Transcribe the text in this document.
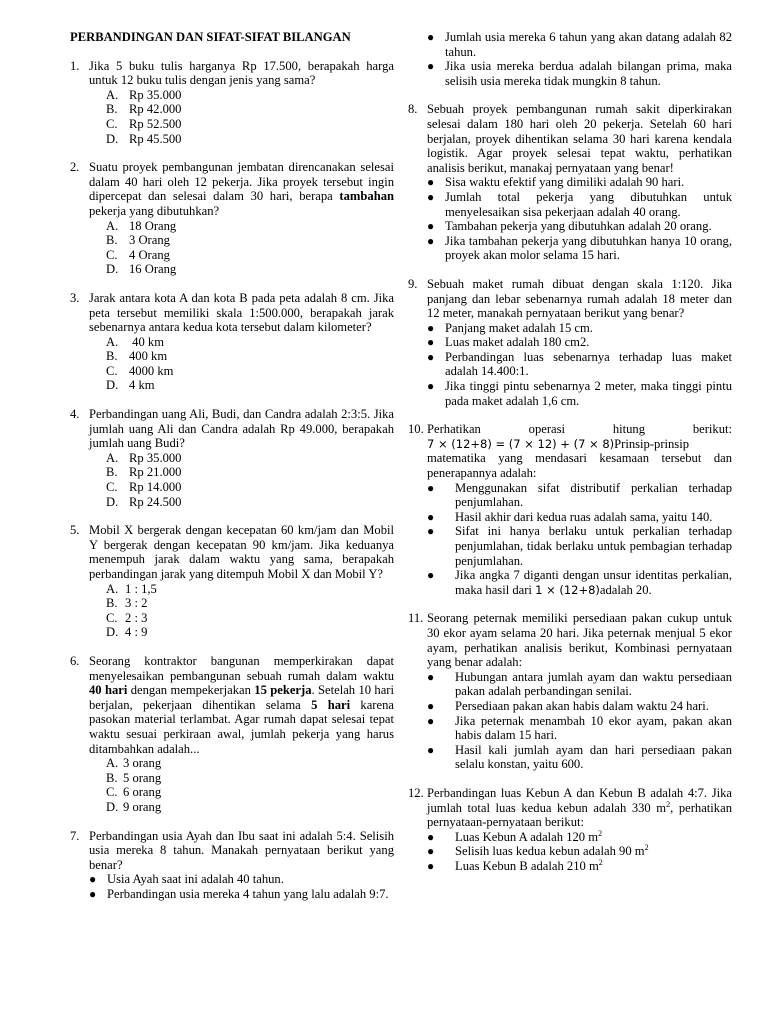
PERBANDINGAN DAN SIFAT-SIFAT BILANGAN
1. Jika 5 buku tulis harganya Rp 17.500, berapakah harga untuk 12 buku tulis dengan jenis yang sama?
A. Rp 35.000
B. Rp 42.000
C. Rp 52.500
D. Rp 45.500
2. Suatu proyek pembangunan jembatan direncanakan selesai dalam 40 hari oleh 12 pekerja. Jika proyek tersebut ingin dipercepat dan selesai dalam 30 hari, berapa tambahan pekerja yang dibutuhkan?
A. 18 Orang
B. 3 Orang
C. 4 Orang
D. 16 Orang
3. Jarak antara kota A dan kota B pada peta adalah 8 cm. Jika peta tersebut memiliki skala 1:500.000, berapakah jarak sebenarnya antara kedua kota tersebut dalam kilometer?
A. 40 km
B. 400 km
C. 4000 km
D. 4 km
4. Perbandingan uang Ali, Budi, dan Candra adalah 2:3:5. Jika jumlah uang Ali dan Candra adalah Rp 49.000, berapakah jumlah uang Budi?
A. Rp 35.000
B. Rp 21.000
C. Rp 14.000
D. Rp 24.500
5. Mobil X bergerak dengan kecepatan 60 km/jam dan Mobil Y bergerak dengan kecepatan 90 km/jam. Jika keduanya menempuh jarak dalam waktu yang sama, berapakah perbandingan jarak yang ditempuh Mobil X dan Mobil Y?
A. 1 : 1,5
B. 3 : 2
C. 2 : 3
D. 4 : 9
6. Seorang kontraktor bangunan memperkirakan dapat menyelesaikan pembangunan sebuah rumah dalam waktu 40 hari dengan mempekerjakan 15 pekerja. Setelah 10 hari berjalan, pekerjaan dihentikan selama 5 hari karena pasokan material terlambat. Agar rumah dapat selesai tepat waktu sesuai perkiraan awal, jumlah pekerja yang harus ditambahkan adalah...
A. 3 orang
B. 5 orang
C. 6 orang
D. 9 orang
7. Perbandingan usia Ayah dan Ibu saat ini adalah 5:4. Selisih usia mereka 8 tahun. Manakah pernyataan berikut yang benar?
● Usia Ayah saat ini adalah 40 tahun.
● Perbandingan usia mereka 4 tahun yang lalu adalah 9:7.
● Jumlah usia mereka 6 tahun yang akan datang adalah 82 tahun.
● Jika usia mereka berdua adalah bilangan prima, maka selisih usia mereka tidak mungkin 8 tahun.
8. Sebuah proyek pembangunan rumah sakit diperkirakan selesai dalam 180 hari oleh 20 pekerja. Setelah 60 hari berjalan, proyek dihentikan selama 30 hari karena kendala logistik. Agar proyek selesai tepat waktu, perhatikan analisis berikut, manakaj pernyataan yang benar!
● Sisa waktu efektif yang dimiliki adalah 90 hari.
● Jumlah total pekerja yang dibutuhkan untuk menyelesaikan sisa pekerjaan adalah 40 orang.
● Tambahan pekerja yang dibutuhkan adalah 20 orang.
● Jika tambahan pekerja yang dibutuhkan hanya 10 orang, proyek akan molor selama 15 hari.
9. Sebuah maket rumah dibuat dengan skala 1:120. Jika panjang dan lebar sebenarnya rumah adalah 18 meter dan 12 meter, manakah pernyataan berikut yang benar?
● Panjang maket adalah 15 cm.
● Luas maket adalah 180 cm2.
● Perbandingan luas sebenarnya terhadap luas maket adalah 14.400:1.
● Jika tinggi pintu sebenarnya 2 meter, maka tinggi pintu pada maket adalah 1,6 cm.
10. Perhatikan	operasi	hitung	berikut:
7 × (12+8) = (7 × 12) + (7 × 8)Prinsip-prinsip
matematika yang mendasari kesamaan tersebut dan penerapannya adalah:
●	Menggunakan sifat distributif perkalian terhadap penjumlahan.
●	Hasil akhir dari kedua ruas adalah sama, yaitu 140.
●	Sifat ini hanya berlaku untuk perkalian terhadap penjumlahan, tidak berlaku untuk pembagian terhadap penjumlahan.
●	Jika angka 7 diganti dengan unsur identitas perkalian, maka hasil dari 1 × (12+8)adalah 20.
11. Seorang peternak memiliki persediaan pakan cukup untuk 30 ekor ayam selama 20 hari. Jika peternak menjual 5 ekor ayam, perhatikan analisis berikut, Kombinasi pernyataan yang benar adalah:
●	Hubungan antara jumlah ayam dan waktu persediaan pakan adalah perbandingan senilai.
●	Persediaan pakan akan habis dalam waktu 24 hari.
●	Jika peternak menambah 10 ekor ayam, pakan akan habis dalam 15 hari.
●	Hasil kali jumlah ayam dan hari persediaan pakan selalu konstan, yaitu 600.
12. Perbandingan luas Kebun A dan Kebun B adalah 4:7. Jika jumlah total luas kedua kebun adalah 330 $m^2$, perhatikan pernyataan-pernyataan berikut:
●	Luas Kebun A adalah 120 $m^2$
●	Selisih luas kedua kebun adalah 90 $m^2$
●	Luas Kebun B adalah 210 $m^2$
